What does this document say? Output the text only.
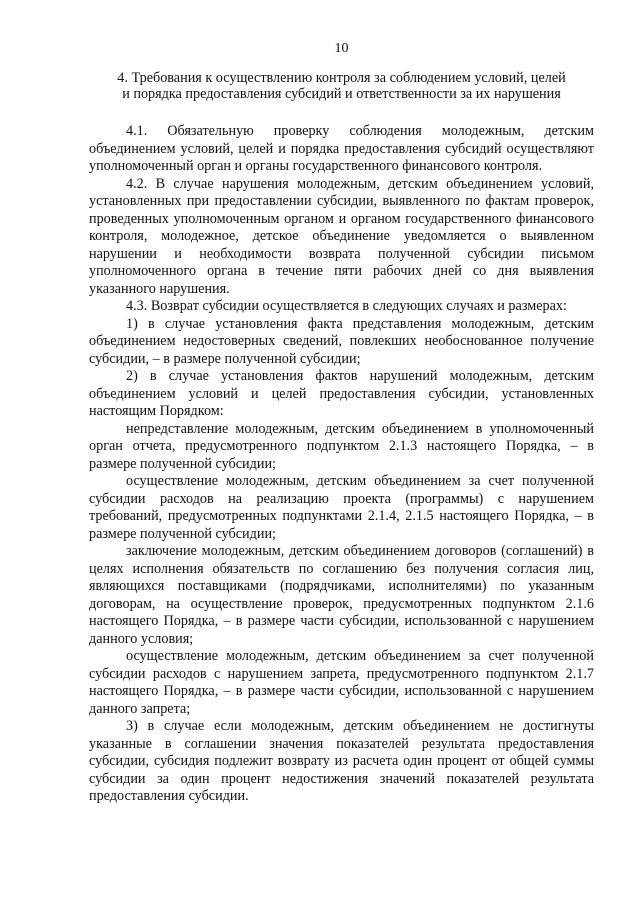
10
4. Требования к осуществлению контроля за соблюдением условий, целей
и порядка предоставления субсидий и ответственности за их нарушения

4.1. Обязательную проверку соблюдения молодежным, детским объединением условий, целей и порядка предоставления субсидий осуществляют уполномоченный орган и органы государственного финансового контроля.

4.2. В случае нарушения молодежным, детским объединением условий, установленных при предоставлении субсидии, выявленного по фактам проверок, проведенных уполномоченным органом и органом государственного финансового контроля, молодежное, детское объединение уведомляется о выявленном нарушении и необходимости возврата полученной субсидии письмом уполномоченного органа в течение пяти рабочих дней со дня выявления указанного нарушения.

4.3. Возврат субсидии осуществляется в следующих случаях и размерах:

1) в случае установления факта представления молодежным, детским объединением недостоверных сведений, повлекших необоснованное получение субсидии, – в размере полученной субсидии;

2) в случае установления фактов нарушений молодежным, детским объединением условий и целей предоставления субсидии, установленных настоящим Порядком:

непредставление молодежным, детским объединением в уполномоченный орган отчета, предусмотренного подпунктом 2.1.3 настоящего Порядка, – в размере полученной субсидии;

осуществление молодежным, детским объединением за счет полученной субсидии расходов на реализацию проекта (программы) с нарушением требований, предусмотренных подпунктами 2.1.4, 2.1.5 настоящего Порядка, – в размере полученной субсидии;

заключение молодежным, детским объединением договоров (соглашений) в целях исполнения обязательств по соглашению без получения согласия лиц, являющихся поставщиками (подрядчиками, исполнителями) по указанным договорам, на осуществление проверок, предусмотренных подпунктом 2.1.6 настоящего Порядка, – в размере части субсидии, использованной с нарушением данного условия;

осуществление молодежным, детским объединением за счет полученной субсидии расходов с нарушением запрета, предусмотренного подпунктом 2.1.7 настоящего Порядка, – в размере части субсидии, использованной с нарушением данного запрета;

3) в случае если молодежным, детским объединением не достигнуты указанные в соглашении значения показателей результата предоставления субсидии, субсидия подлежит возврату из расчета один процент от общей суммы субсидии за один процент недостижения значений показателей результата предоставления субсидии.
